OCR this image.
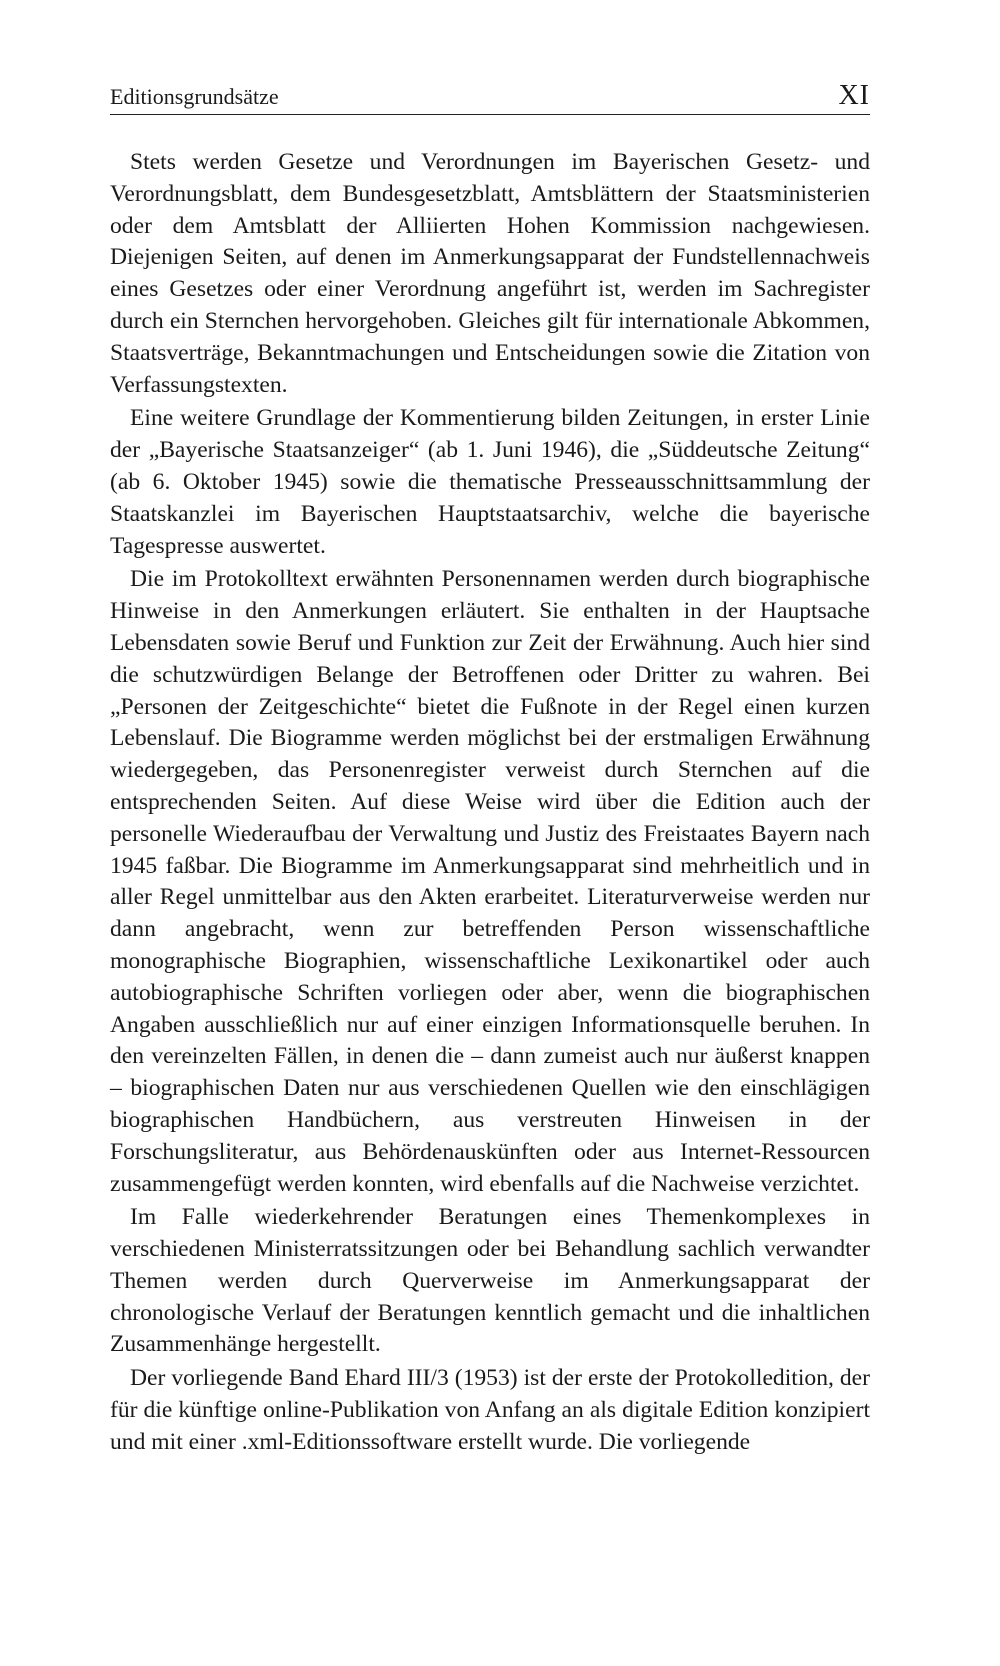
Editionsgrundsätze	XI

Stets werden Gesetze und Verordnungen im Bayerischen Gesetz- und Verordnungsblatt, dem Bundesgesetzblatt, Amtsblättern der Staatsministerien oder dem Amtsblatt der Alliierten Hohen Kommission nachgewiesen. Diejenigen Seiten, auf denen im Anmerkungsapparat der Fundstellennachweis eines Gesetzes oder einer Verordnung angeführt ist, werden im Sachregister durch ein Sternchen hervorgehoben. Gleiches gilt für internationale Abkommen, Staatsverträge, Bekanntmachungen und Entscheidungen sowie die Zitation von Verfassungstexten.

Eine weitere Grundlage der Kommentierung bilden Zeitungen, in erster Linie der „Bayerische Staatsanzeiger“ (ab 1. Juni 1946), die „Süddeutsche Zeitung“ (ab 6. Oktober 1945) sowie die thematische Presseausschnittsammlung der Staatskanzlei im Bayerischen Hauptstaatsarchiv, welche die bayerische Tagespresse auswertet.

Die im Protokolltext erwähnten Personennamen werden durch biographische Hinweise in den Anmerkungen erläutert. Sie enthalten in der Hauptsache Lebensdaten sowie Beruf und Funktion zur Zeit der Erwähnung. Auch hier sind die schutzwürdigen Belange der Betroffenen oder Dritter zu wahren. Bei „Personen der Zeitgeschichte“ bietet die Fußnote in der Regel einen kurzen Lebenslauf. Die Biogramme werden möglichst bei der erstmaligen Erwähnung wiedergegeben, das Personenregister verweist durch Sternchen auf die entsprechenden Seiten. Auf diese Weise wird über die Edition auch der personelle Wiederaufbau der Verwaltung und Justiz des Freistaates Bayern nach 1945 faßbar. Die Biogramme im Anmerkungsapparat sind mehrheitlich und in aller Regel unmittelbar aus den Akten erarbeitet. Literaturverweise werden nur dann angebracht, wenn zur betreffenden Person wissenschaftliche monographische Biographien, wissenschaftliche Lexikonartikel oder auch autobiographische Schriften vorliegen oder aber, wenn die biographischen Angaben ausschließlich nur auf einer einzigen Informationsquelle beruhen. In den vereinzelten Fällen, in denen die – dann zumeist auch nur äußerst knappen – biographischen Daten nur aus verschiedenen Quellen wie den einschlägigen biographischen Handbüchern, aus verstreuten Hinweisen in der Forschungsliteratur, aus Behördenauskünften oder aus Internet-Ressourcen zusammengefügt werden konnten, wird ebenfalls auf die Nachweise verzichtet.

Im Falle wiederkehrender Beratungen eines Themenkomplexes in verschiedenen Ministerratssitzungen oder bei Behandlung sachlich verwandter Themen werden durch Querverweise im Anmerkungsapparat der chronologische Verlauf der Beratungen kenntlich gemacht und die inhaltlichen Zusammenhänge hergestellt.

Der vorliegende Band Ehard III/3 (1953) ist der erste der Protokolledition, der für die künftige online-Publikation von Anfang an als digitale Edition konzipiert und mit einer .xml-Editionssoftware erstellt wurde. Die vorliegende
